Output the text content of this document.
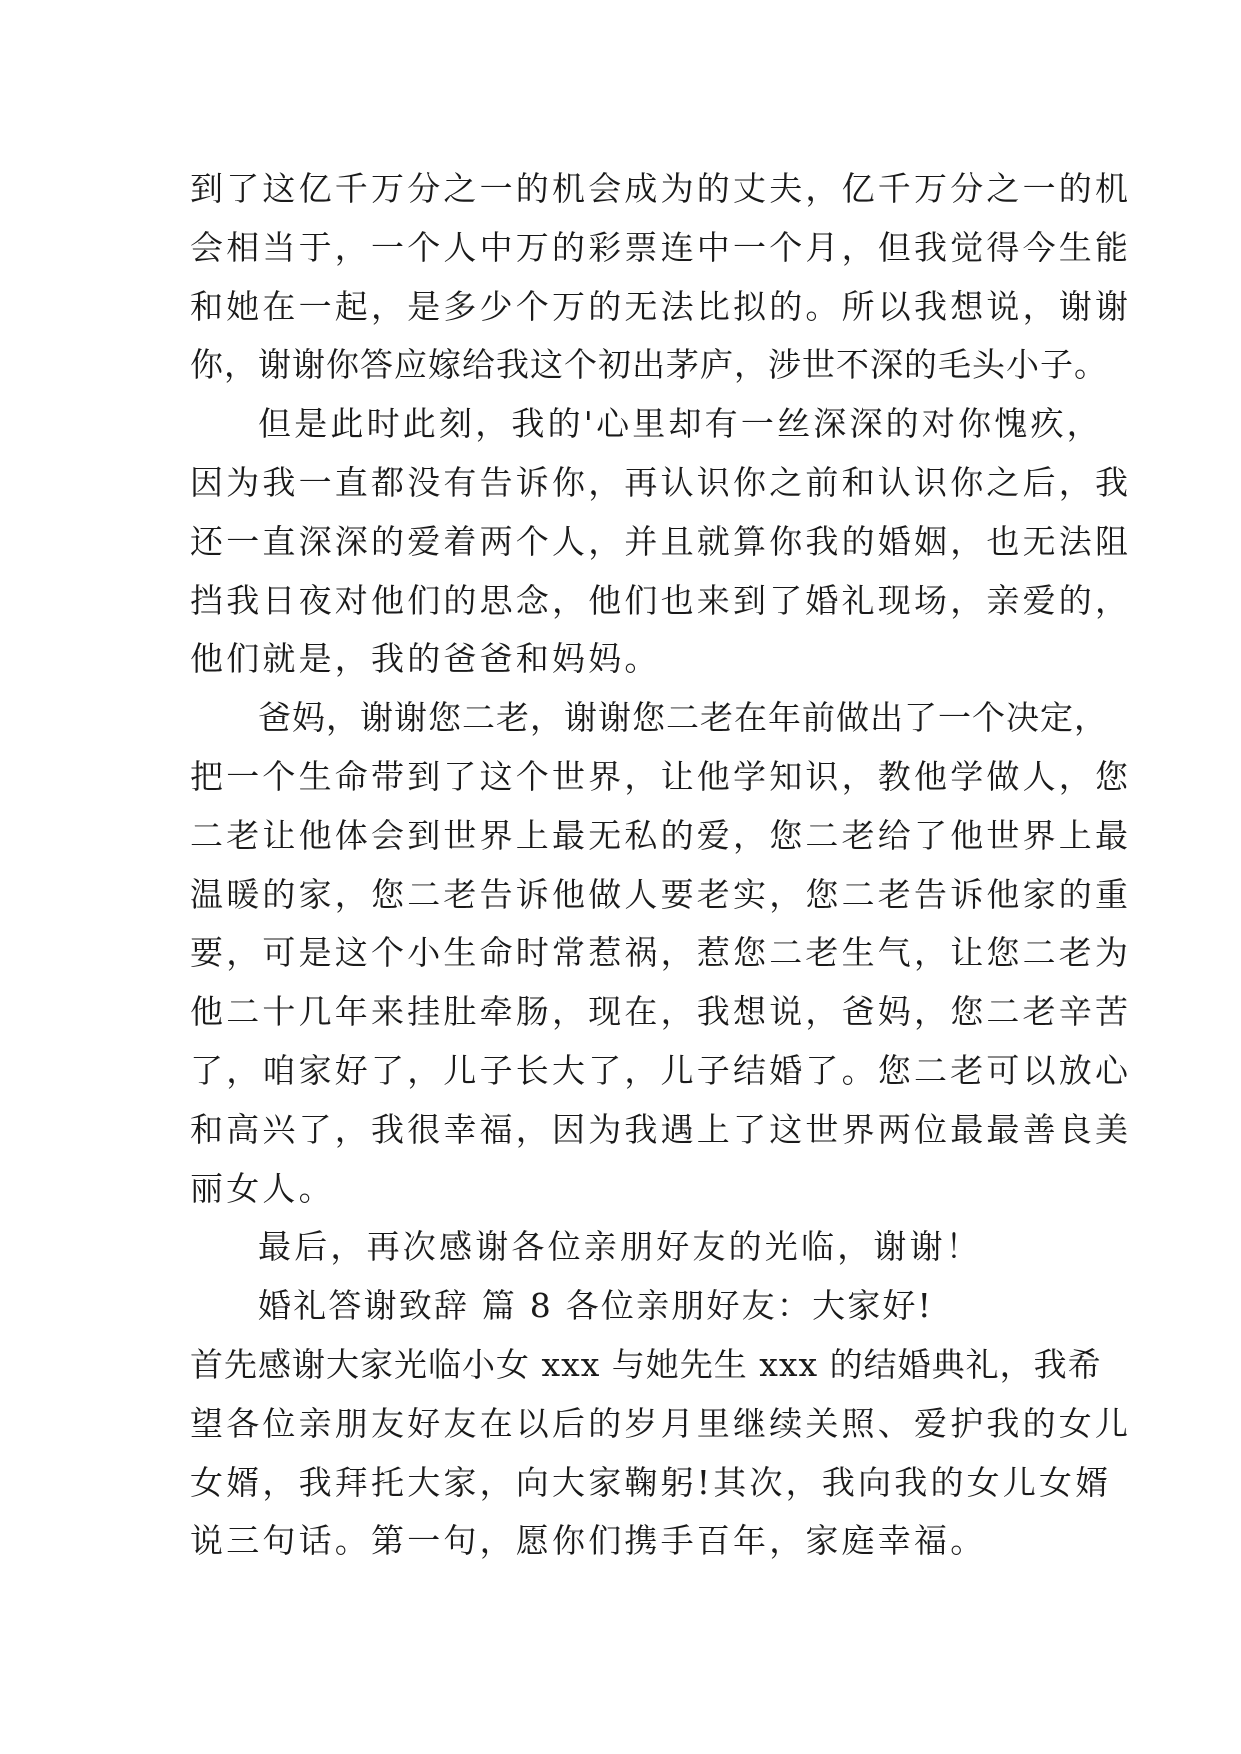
到了这亿千万分之一的机会成为的丈夫，亿千万分之一的机
会相当于，一个人中万的彩票连中一个月，但我觉得今生能
和她在一起，是多少个万的无法比拟的。所以我想说，谢谢
你，谢谢你答应嫁给我这个初出茅庐，涉世不深的毛头小子。
但是此时此刻，我的'心里却有一丝深深的对你愧疚，
因为我一直都没有告诉你，再认识你之前和认识你之后，我
还一直深深的爱着两个人，并且就算你我的婚姻，也无法阻
挡我日夜对他们的思念，他们也来到了婚礼现场，亲爱的，
他们就是，我的爸爸和妈妈。
爸妈，谢谢您二老，谢谢您二老在年前做出了一个决定，
把一个生命带到了这个世界，让他学知识，教他学做人，您
二老让他体会到世界上最无私的爱，您二老给了他世界上最
温暖的家，您二老告诉他做人要老实，您二老告诉他家的重
要，可是这个小生命时常惹祸，惹您二老生气，让您二老为
他二十几年来挂肚牵肠，现在，我想说，爸妈，您二老辛苦
了，咱家好了，儿子长大了，儿子结婚了。您二老可以放心
和高兴了，我很幸福，因为我遇上了这世界两位最最善良美
丽女人。
最后，再次感谢各位亲朋好友的光临，谢谢！
婚礼答谢致辞 篇 8 各位亲朋好友：大家好!
首先感谢大家光临小女 xxx 与她先生 xxx 的结婚典礼，我希
望各位亲朋友好友在以后的岁月里继续关照、爱护我的女儿
女婿，我拜托大家，向大家鞠躬!其次，我向我的女儿女婿
说三句话。第一句，愿你们携手百年，家庭幸福。
